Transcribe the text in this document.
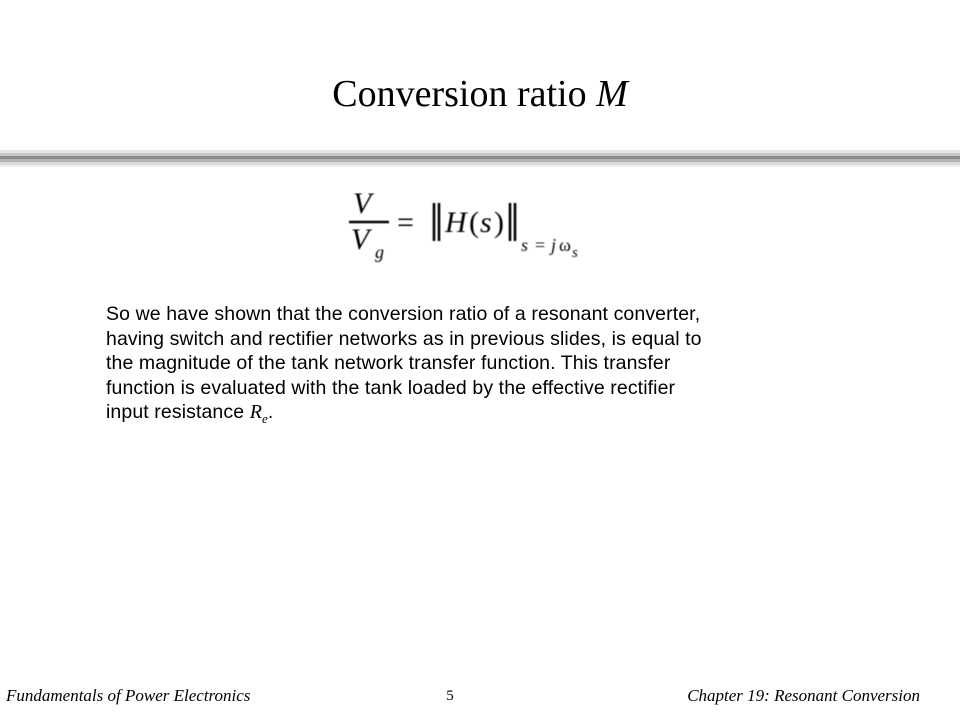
Conversion ratio M
V
V g
= H ( s )
s = j ω s
So we have shown that the conversion ratio of a resonant converter,
having switch and rectifier networks as in previous slides, is equal to
the magnitude of the tank network transfer function. This transfer
function is evaluated with the tank loaded by the effective rectifier
input resistance $R_e$.
Fundamentals of Power Electronics	5	Chapter 19: Resonant Conversion
